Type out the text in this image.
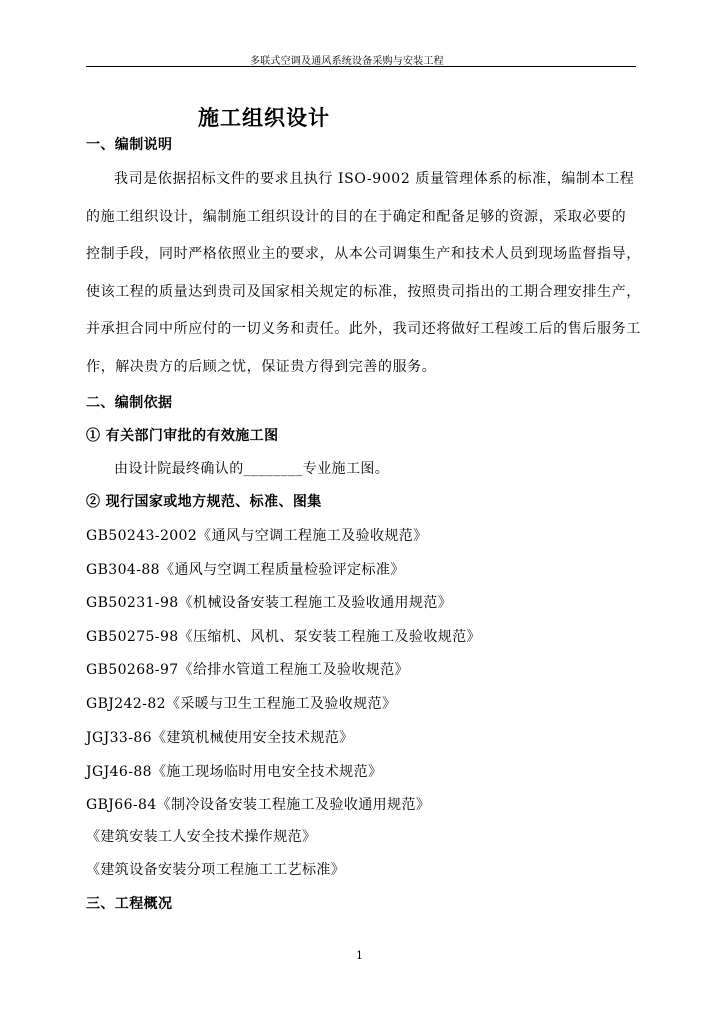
多联式空调及通风系统设备采购与安装工程
施工组织设计
一、编制说明
我司是依据招标文件的要求且执行 ISO-9002 质量管理体系的标准，编制本工程
的施工组织设计，编制施工组织设计的目的在于确定和配备足够的资源，采取必要的
控制手段，同时严格依照业主的要求，从本公司调集生产和技术人员到现场监督指导，
使该工程的质量达到贵司及国家相关规定的标准，按照贵司指出的工期合理安排生产，
并承担合同中所应付的一切义务和责任。此外，我司还将做好工程竣工后的售后服务工
作，解决贵方的后顾之忧，保证贵方得到完善的服务。
二、编制依据
① 有关部门审批的有效施工图
由设计院最终确认的________专业施工图。
② 现行国家或地方规范、标准、图集
GB50243-2002《通风与空调工程施工及验收规范》
GB304-88《通风与空调工程质量检验评定标准》
GB50231-98《机械设备安装工程施工及验收通用规范》
GB50275-98《压缩机、风机、泵安装工程施工及验收规范》
GB50268-97《给排水管道工程施工及验收规范》
GBJ242-82《采暖与卫生工程施工及验收规范》
JGJ33-86《建筑机械使用安全技术规范》
JGJ46-88《施工现场临时用电安全技术规范》
GBJ66-84《制冷设备安装工程施工及验收通用规范》
《建筑安装工人安全技术操作规范》
《建筑设备安装分项工程施工工艺标准》
三、工程概况
1
